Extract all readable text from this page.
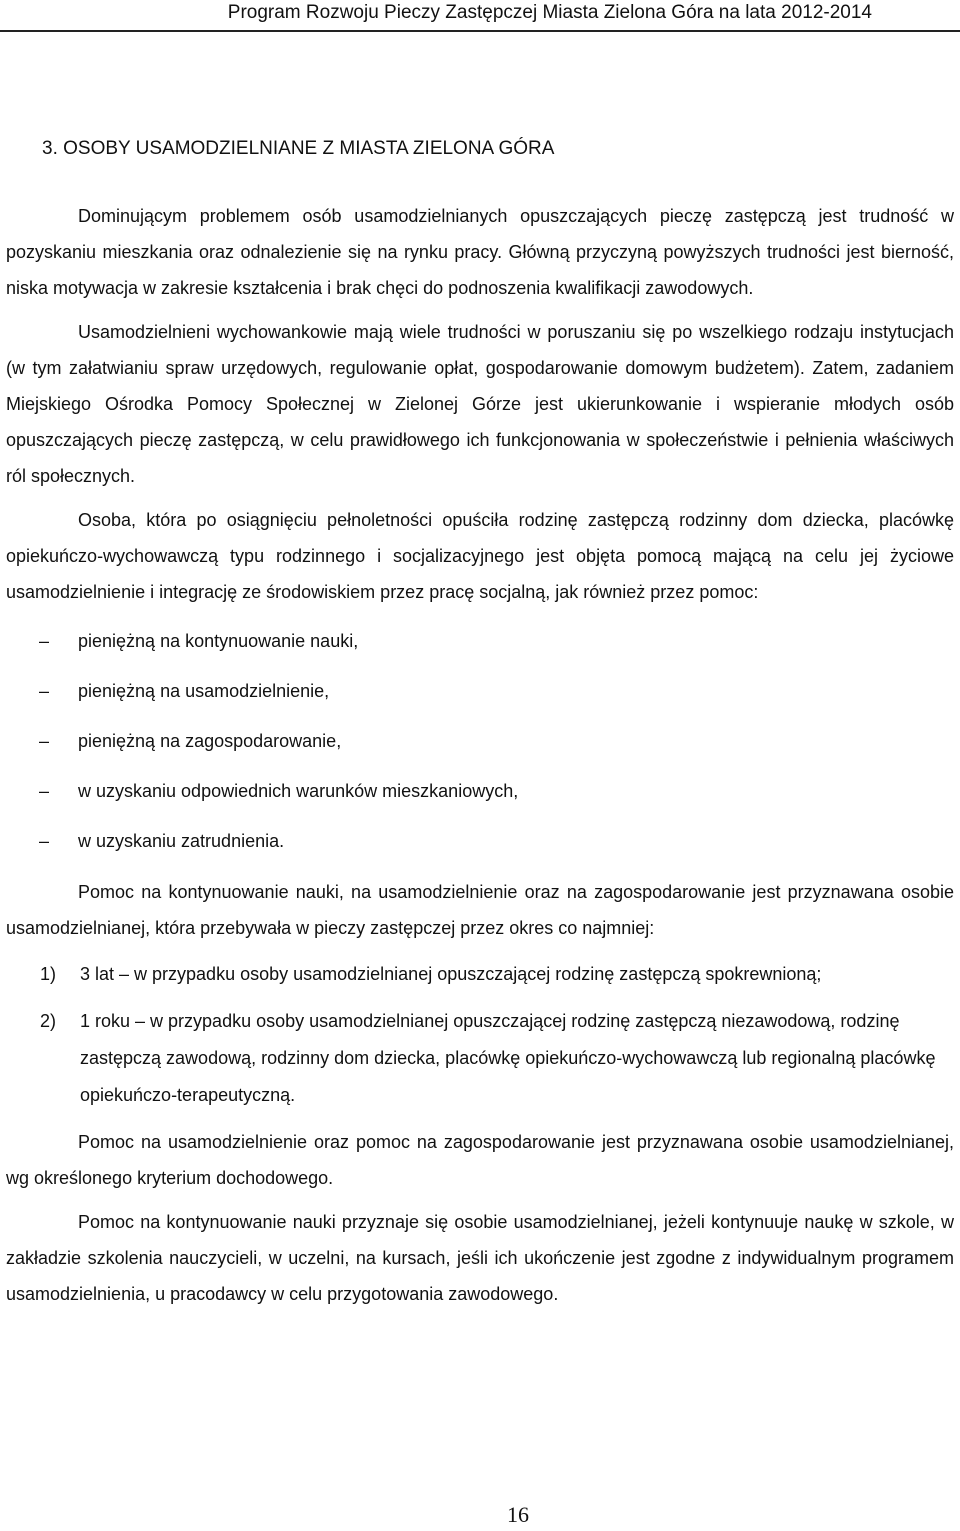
Program Rozwoju Pieczy Zastępczej Miasta Zielona Góra na lata 2012-2014
3. OSOBY USAMODZIELNIANE Z MIASTA ZIELONA GÓRA

Dominującym problemem osób usamodzielnianych opuszczających pieczę zastępczą jest trudność w pozyskaniu mieszkania oraz odnalezienie się na rynku pracy. Główną przyczyną powyższych trudności jest bierność, niska motywacja w zakresie kształcenia i brak chęci do podnoszenia kwalifikacji zawodowych.

Usamodzielnieni wychowankowie mają wiele trudności w poruszaniu się po wszelkiego rodzaju instytucjach (w tym załatwianiu spraw urzędowych, regulowanie opłat, gospodarowanie domowym budżetem). Zatem, zadaniem Miejskiego Ośrodka Pomocy Społecznej w Zielonej Górze jest ukierunkowanie i wspieranie młodych osób opuszczających pieczę zastępczą, w celu prawidłowego ich funkcjonowania w społeczeństwie i pełnienia właściwych ról społecznych.

Osoba, która po osiągnięciu pełnoletności opuściła rodzinę zastępczą rodzinny dom dziecka, placówkę opiekuńczo-wychowawczą typu rodzinnego i socjalizacyjnego jest objęta pomocą mającą na celu jej życiowe usamodzielnienie i integrację ze środowiskiem przez pracę socjalną, jak również przez pomoc:

– pieniężną na kontynuowanie nauki,
– pieniężną na usamodzielnienie,
– pieniężną na zagospodarowanie,
– w uzyskaniu odpowiednich warunków mieszkaniowych,
– w uzyskaniu zatrudnienia.

Pomoc na kontynuowanie nauki, na usamodzielnienie oraz na zagospodarowanie jest przyznawana osobie usamodzielnianej, która przebywała w pieczy zastępczej przez okres co najmniej:

1) 3 lat – w przypadku osoby usamodzielnianej opuszczającej rodzinę zastępczą spokrewnioną;
2) 1 roku – w przypadku osoby usamodzielnianej opuszczającej rodzinę zastępczą niezawodową, rodzinę zastępczą zawodową, rodzinny dom dziecka, placówkę opiekuńczo-wychowawczą lub regionalną placówkę opiekuńczo-terapeutyczną.

Pomoc na usamodzielnienie oraz pomoc na zagospodarowanie jest przyznawana osobie usamodzielnianej, wg określonego kryterium dochodowego.

Pomoc na kontynuowanie nauki przyznaje się osobie usamodzielnianej, jeżeli kontynuuje naukę w szkole, w zakładzie szkolenia nauczycieli, w uczelni, na kursach, jeśli ich ukończenie jest zgodne z indywidualnym programem usamodzielnienia, u pracodawcy w celu przygotowania zawodowego.

16
